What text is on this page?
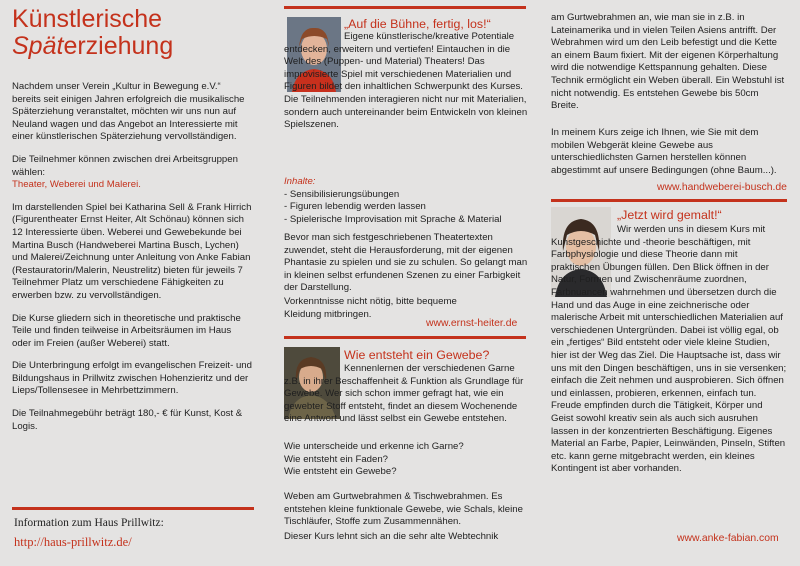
Künstlerische
Späterziehung

Nachdem unser Verein „Kultur in Bewegung e.V.“ bereits seit einigen Jahren erfolgreich die musikalische Späterziehung veranstaltet, möchten wir uns nun auf Neuland wagen und das Angebot an Interessierte mit einer künstlerischen Späterziehung vervollständigen.

Die Teilnehmer können zwischen drei Arbeitsgruppen wählen:
Theater, Weberei und Malerei.

Im darstellenden Spiel bei Katharina Sell & Frank Hirrich (Figurentheater Ernst Heiter, Alt Schönau) können sich 12 Interessierte üben. Weberei und Gewebekunde bei Martina Busch (Handweberei Martina Busch, Lychen) und Malerei/Zeichnung unter Anleitung von Anke Fabian (Restauratorin/Malerin, Neustrelitz) bieten für jeweils 7 Teilnehmer Platz um verschiedene Fähigkeiten zu erwerben bzw. zu vervollständigen.

Die Kurse gliedern sich in theoretische und praktische Teile und finden teilweise in Arbeitsräumen im Haus oder im Freien (außer Weberei) statt.

Die Unterbringung erfolgt im evangelischen Freizeit- und Bildungshaus in Prillwitz zwischen Hohenzieritz und der Lieps/Tollensesee in Mehrbettzimmern.

Die Teilnahmegebühr beträgt 180,- € für Kunst, Kost & Logis.

Information zum Haus Prillwitz:
http://haus-prillwitz.de/

„Auf die Bühne, fertig, los!“

Eigene künstlerische/kreative Potentiale entdecken, erweitern und vertiefen! Eintauchen in die Welt des (Puppen- und Material) Theaters! Das improvisierte Spiel mit verschiedenen Materialien und Figuren bildet den inhaltlichen Schwerpunkt des Kurses. Die Teilnehmenden interagieren nicht nur mit Materialien, sondern auch untereinander beim Entwickeln von kleinen Spielszenen.

Inhalte:
- Sensibilisierungsübungen
- Figuren lebendig werden lassen
- Spielerische Improvisation mit Sprache & Material

Bevor man sich festgeschriebenen Theatertexten zuwendet, steht die Herausforderung, mit der eigenen Phantasie zu spielen und sie zu schulen. So gelangt man in kleinen selbst erfundenen Szenen zu einer Farbigkeit der Darstellung.

Vorkenntnisse nicht nötig, bitte bequeme Kleidung mitbringen.

www.ernst-heiter.de

Wie entsteht ein Gewebe?

Kennenlernen der verschiedenen Garne z.B. in ihrer Beschaffenheit & Funktion als Grundlage für Gewebe. Wer sich schon immer gefragt hat, wie ein gewebter Stoff entsteht, findet an diesem Wochenende eine Antwort und lässt selbst ein Gewebe entstehen.

Wie unterscheide und erkenne ich Garne?
Wie entsteht ein Faden?
Wie entsteht ein Gewebe?

Weben am Gurtwebrahmen & Tischwebrahmen. Es entstehen kleine funktionale Gewebe, wie Schals, kleine Tischläufer, Stoffe zum Zusammennähen.

Dieser Kurs lehnt sich an die sehr alte Webtechnik

am Gurtwebrahmen an, wie man sie in z.B. in Lateinamerika und in vielen Teilen Asiens antrifft. Der Webrahmen wird um den Leib befestigt und die Kette an einem Baum fixiert. Mit der eigenen Körperhaltung wird die notwendige Kettspannung gehalten. Diese Technik ermöglicht ein Weben überall. Ein Webstuhl ist nicht notwendig. Es entstehen Gewebe bis 50cm Breite.

In meinem Kurs zeige ich Ihnen, wie Sie mit dem mobilen Webgerät kleine Gewebe aus unterschiedlichsten Garnen herstellen können abgestimmt auf unsere Bedingungen (ohne Baum...).

www.handweberei-busch.de

„Jetzt wird gemalt!“

Wir werden uns in diesem Kurs mit Kunstgeschichte und -theorie beschäftigen, mit Farbphysiologie und diese Theorie dann mit praktischen Übungen füllen. Den Blick öffnen in der Natur, Formen und Zwischenräume zuordnen, Farbnuancen wahrnehmen und übersetzen durch die Hand und das Auge in eine zeichnerische oder malerische Arbeit mit unterschiedlichen Materialien auf verschiedenen Untergründen. Dabei ist völlig egal, ob ein „fertiges“ Bild entsteht oder viele kleine Studien, hier ist der Weg das Ziel. Die Hauptsache ist, dass wir uns mit den Dingen beschäftigen, uns in sie versenken; einfach die Zeit nehmen und ausprobieren. Sich öffnen und einlassen, probieren, erkennen, einfach tun. Freude empfinden durch die Tätigkeit, Körper und Geist sowohl kreativ sein als auch sich ausruhen lassen in der konzentrierten Beschäftigung. Eigenes Material an Farbe, Papier, Leinwänden, Pinseln, Stiften etc. kann gerne mitgebracht werden, ein kleines Kontingent ist aber vorhanden.

www.anke-fabian.com
